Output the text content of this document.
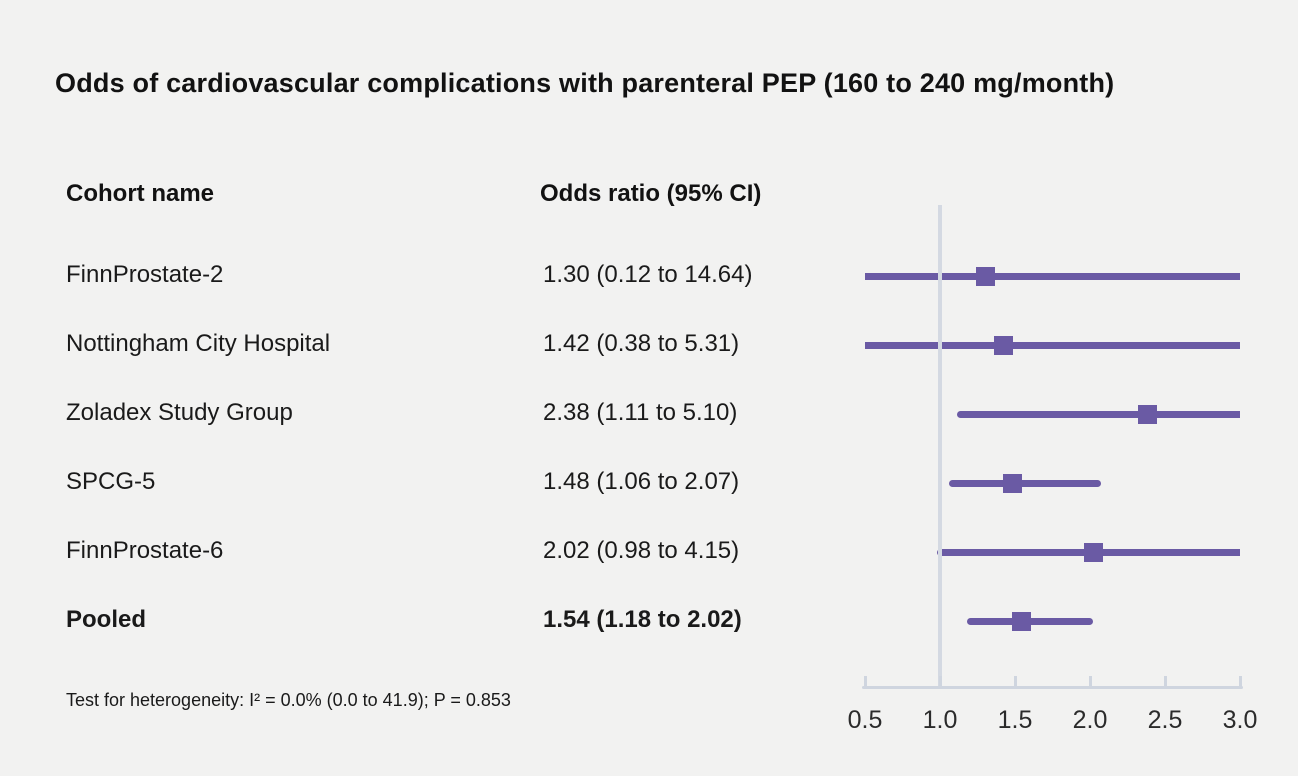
Odds of cardiovascular complications with parenteral PEP (160 to 240 mg/month)
Cohort name	Odds ratio (95% CI)
FinnProstate-2	1.30 (0.12 to 14.64)
Nottingham City Hospital	1.42 (0.38 to 5.31)
Zoladex Study Group	2.38 (1.11 to 5.10)
SPCG-5	1.48 (1.06 to 2.07)
FinnProstate-6	2.02 (0.98 to 4.15)
Pooled	1.54 (1.18 to 2.02)
0.5	1.0	1.5	2.0	2.5	3.0
Test for heterogeneity: I² = 0.0% (0.0 to 41.9); P = 0.853
